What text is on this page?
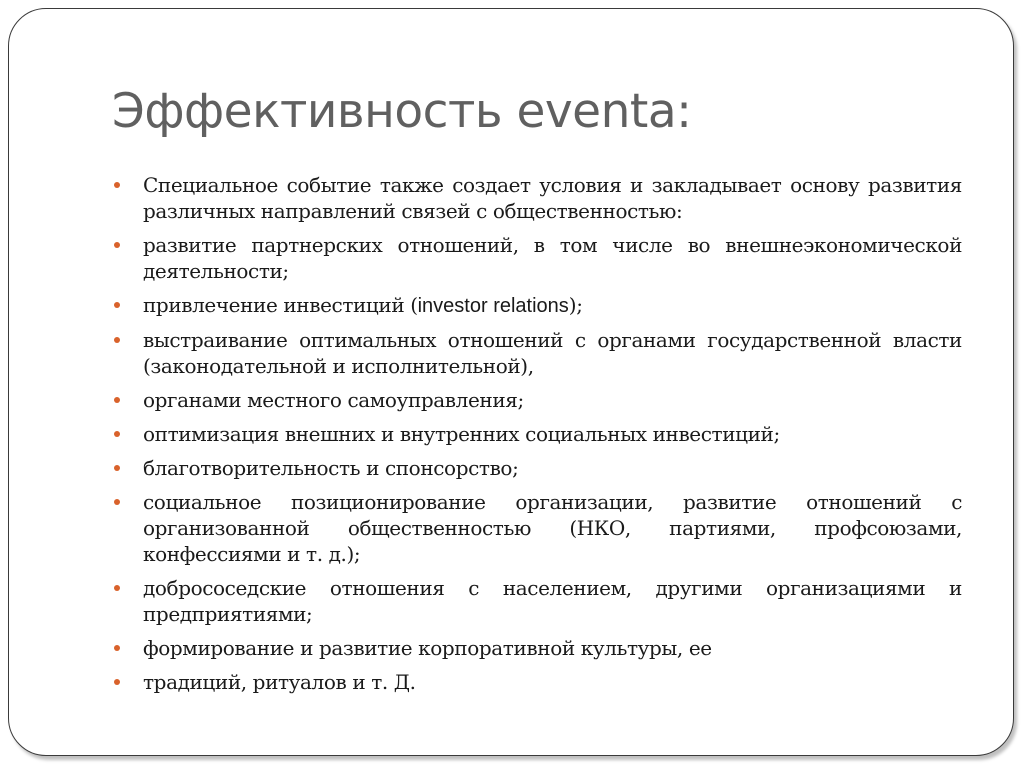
Эффективность eventa:
Специальное событие также создает условия и закладывает основу развития различных направлений связей с общественностью:
развитие партнерских отношений, в том числе во внешнеэкономической деятельности;
привлечение инвестиций (investor relations);
выстраивание оптимальных отношений с органами государственной власти (законодательной и исполнительной),
органами местного самоуправления;
оптимизация внешних и внутренних социальных инвестиций;
благотворительность и спонсорство;
социальное позиционирование организации, развитие отношений с организованной общественностью (НКО, партиями, профсоюзами, конфессиями и т. д.);
добрососедские отношения с населением, другими организациями и предприятиями;
формирование и развитие корпоративной культуры, ее
традиций, ритуалов и т. Д.
